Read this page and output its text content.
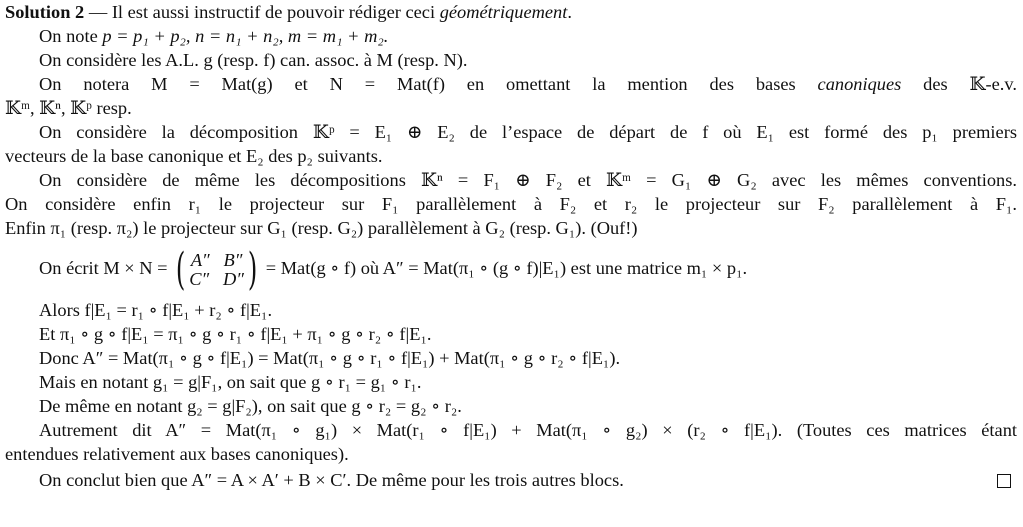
Solution 2 — Il est aussi instructif de pouvoir rédiger ceci géométriquement.
On note p = p₁ + p₂, n = n₁ + n₂, m = m₁ + m₂.
On considère les A.L. g (resp. f) can. assoc. à M (resp. N).
On notera M = Mat(g) et N = Mat(f) en omettant la mention des bases canoniques des 𝕂-e.v.
𝕂ᵐ, 𝕂ⁿ, 𝕂ᵖ resp.
On considère la décomposition 𝕂ᵖ = E₁ ⊕ E₂ de l’espace de départ de f où E₁ est formé des p₁ premiers
vecteurs de la base canonique et E₂ des p₂ suivants.
On considère de même les décompositions 𝕂ⁿ = F₁ ⊕ F₂ et 𝕂ᵐ = G₁ ⊕ G₂ avec les mêmes conventions.
On considère enfin r₁ le projecteur sur F₁ parallèlement à F₂ et r₂ le projecteur sur F₂ parallèlement à F₁.
Enfin π₁ (resp. π₂) le projecteur sur G₁ (resp. G₂) parallèlement à G₂ (resp. G₁). (Ouf!)
On écrit M × N = ( A″ B″
C″ D″) = Mat(g ∘ f) où A″ = Mat(π₁ ∘ (g ∘ f)|E₁) est une matrice m₁ × p₁.
Alors f|E₁ = r₁ ∘ f|E₁ + r₂ ∘ f|E₁.
Et π₁ ∘ g ∘ f|E₁ = π₁ ∘ g ∘ r₁ ∘ f|E₁ + π₁ ∘ g ∘ r₂ ∘ f|E₁.
Donc A″ = Mat(π₁ ∘ g ∘ f|E₁) = Mat(π₁ ∘ g ∘ r₁ ∘ f|E₁) + Mat(π₁ ∘ g ∘ r₂ ∘ f|E₁).
Mais en notant g₁ = g|F₁, on sait que g ∘ r₁ = g₁ ∘ r₁.
De même en notant g₂ = g|F₂), on sait que g ∘ r₂ = g₂ ∘ r₂.
Autrement dit A″ = Mat(π₁ ∘ g₁) × Mat(r₁ ∘ f|E₁) + Mat(π₁ ∘ g₂) × (r₂ ∘ f|E₁). (Toutes ces matrices étant
entendues relativement aux bases canoniques).
On conclut bien que A″ = A × A′ + B × C′. De même pour les trois autres blocs.
